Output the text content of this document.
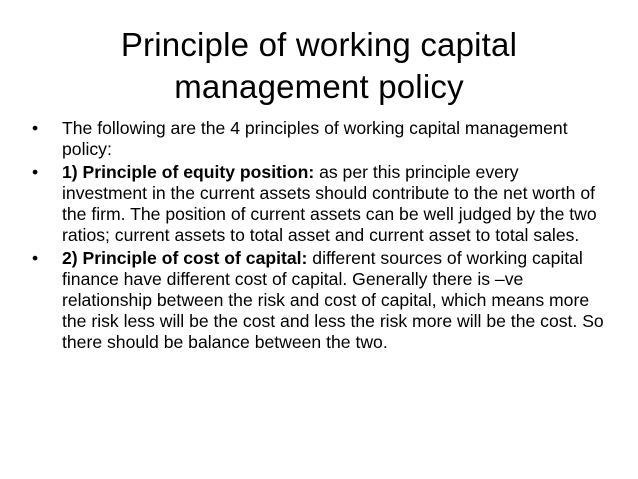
Principle of working capital
management policy
•	The following are the 4 principles of working capital management policy:
•	1) Principle of equity position: as per this principle every investment in the current assets should contribute to the net worth of the firm. The position of current assets can be well judged by the two ratios; current assets to total asset and current asset to total sales.
•	2) Principle of cost of capital: different sources of working capital finance have different cost of capital. Generally there is –ve relationship between the risk and cost of capital, which means more the risk less will be the cost and less the risk more will be the cost. So there should be balance between the two.
